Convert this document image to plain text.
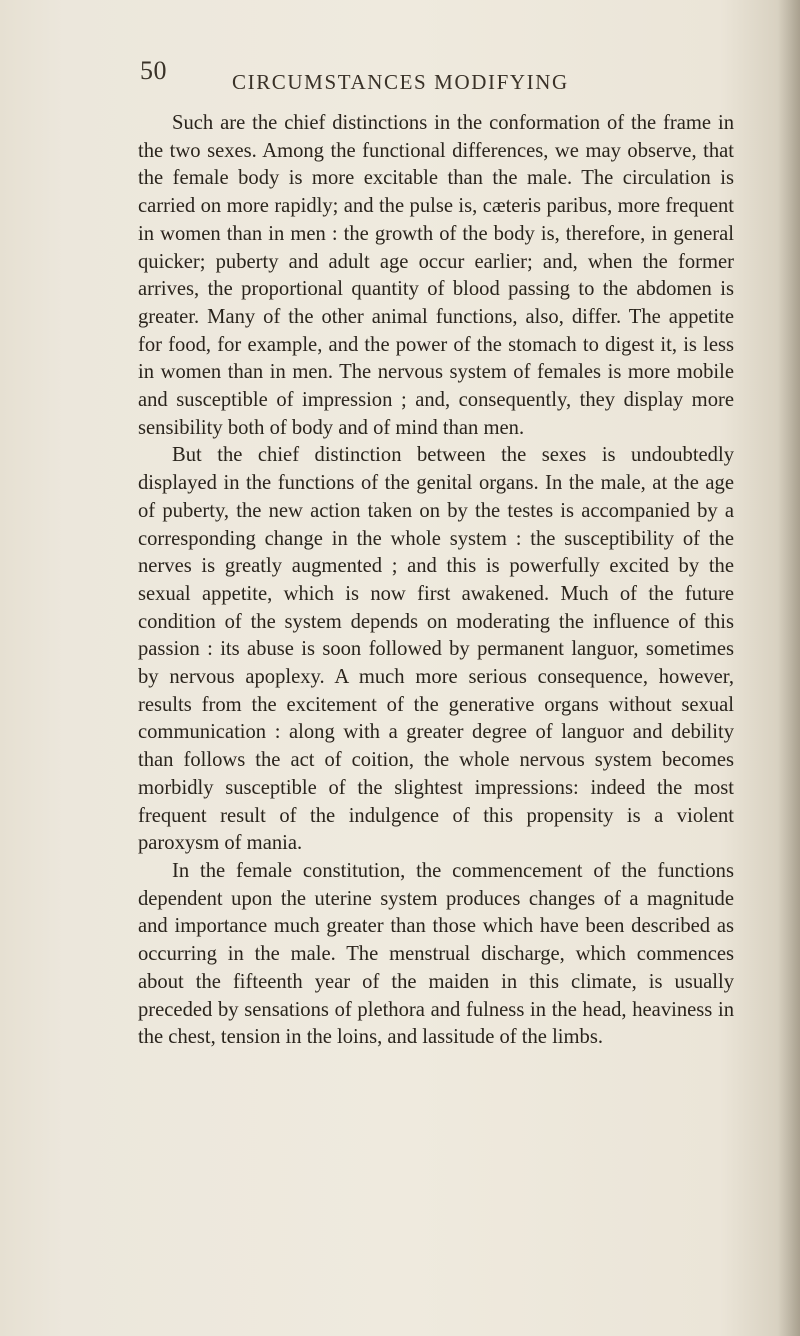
50	CIRCUMSTANCES MODIFYING

Such are the chief distinctions in the conformation of the frame in the two sexes. Among the functional differences, we may observe, that the female body is more excitable than the male. The circulation is carried on more rapidly; and the pulse is, cæteris paribus, more frequent in women than in men : the growth of the body is, therefore, in general quicker; puberty and adult age occur earlier; and, when the former arrives, the proportional quantity of blood passing to the abdomen is greater. Many of the other animal functions, also, differ. The appetite for food, for example, and the power of the stomach to digest it, is less in women than in men. The nervous system of females is more mobile and susceptible of impression ; and, consequently, they display more sensibility both of body and of mind than men.

But the chief distinction between the sexes is undoubtedly displayed in the functions of the genital organs. In the male, at the age of puberty, the new action taken on by the testes is accompanied by a corresponding change in the whole system : the susceptibility of the nerves is greatly augmented ; and this is powerfully excited by the sexual appetite, which is now first awakened. Much of the future condition of the system depends on moderating the influence of this passion : its abuse is soon followed by permanent languor, sometimes by nervous apoplexy. A much more serious consequence, however, results from the excitement of the generative organs without sexual communication : along with a greater degree of languor and debility than follows the act of coition, the whole nervous system becomes morbidly susceptible of the slightest impressions: indeed the most frequent result of the indulgence of this propensity is a violent paroxysm of mania.

In the female constitution, the commencement of the functions dependent upon the uterine system produces changes of a magnitude and importance much greater than those which have been described as occurring in the male. The menstrual discharge, which commences about the fifteenth year of the maiden in this climate, is usually preceded by sensations of plethora and fulness in the head, heaviness in the chest, tension in the loins, and lassitude of the limbs.
